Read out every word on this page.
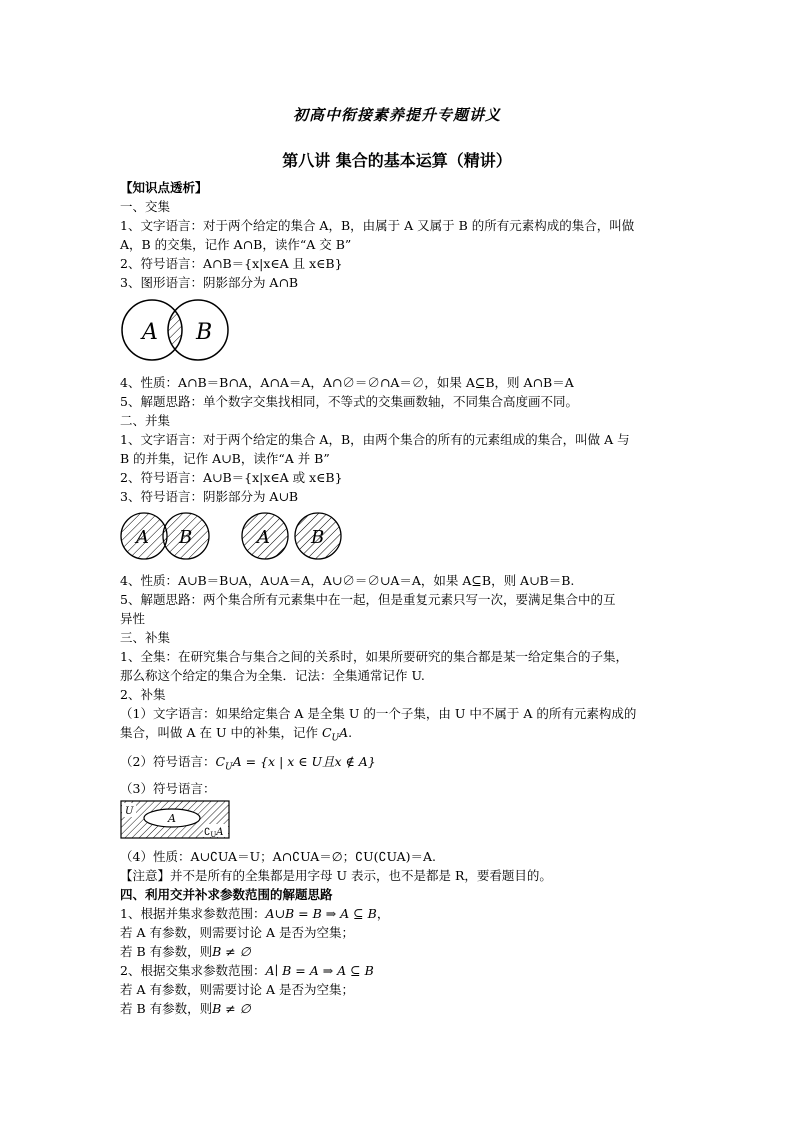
初高中衔接素养提升专题讲义
第八讲 集合的基本运算（精讲）
【知识点透析】
一、交集
1、文字语言：对于两个给定的集合 A，B，由属于 A 又属于 B 的所有元素构成的集合，叫做
A，B 的交集，记作 A∩B，读作“A 交 B”
2、符号语言：A∩B＝{x|x∈A 且 x∈B}
3、图形语言：阴影部分为 A∩B
A B
4、性质：A∩B＝B∩A，A∩A＝A，A∩∅＝∅∩A＝∅，如果 A⊆B，则 A∩B＝A
5、解题思路：单个数字交集找相同，不等式的交集画数轴，不同集合高度画不同。
二、并集
1、文字语言：对于两个给定的集合 A，B，由两个集合的所有的元素组成的集合，叫做 A 与
B 的并集，记作 A∪B，读作“A 并 B”
2、符号语言：A∪B＝{x|x∈A 或 x∈B}
3、符号语言：阴影部分为 A∪B
A B	A B
4、性质：A∪B＝B∪A，A∪A＝A，A∪∅＝∅∪A＝A，如果 A⊆B，则 A∪B＝B.
5、解题思路：两个集合所有元素集中在一起，但是重复元素只写一次，要满足集合中的互
异性
三、补集
1、全集：在研究集合与集合之间的关系时，如果所要研究的集合都是某一给定集合的子集，
那么称这个给定的集合为全集．记法：全集通常记作 U.
2、补集
（1）文字语言：如果给定集合 A 是全集 U 的一个子集，由 U 中不属于 A 的所有元素构成的
集合，叫做 A 在 U 中的补集，记作 $C_UA$.
（2）符号语言：$C_UA = \{x$ | x ∈ U且x ∉ A}
（3）符号语言：
U
A
$∁_UA$
（4）性质：A∪∁UA＝U；A∩∁UA＝∅；∁U(∁UA)＝A.
【注意】并不是所有的全集都是用字母 U 表示，也不是都是 R，要看题目的。
四、利用交并补求参数范围的解题思路
1、根据并集求参数范围：A∪B = B ⇒ A ⊆ B，
若 A 有参数，则需要讨论 A 是否为空集；
若 B 有参数，则B ≠ ∅
2、根据交集求参数范围：A∣ B = A ⇒ A ⊆ B
若 A 有参数，则需要讨论 A 是否为空集；
若 B 有参数，则B ≠ ∅
